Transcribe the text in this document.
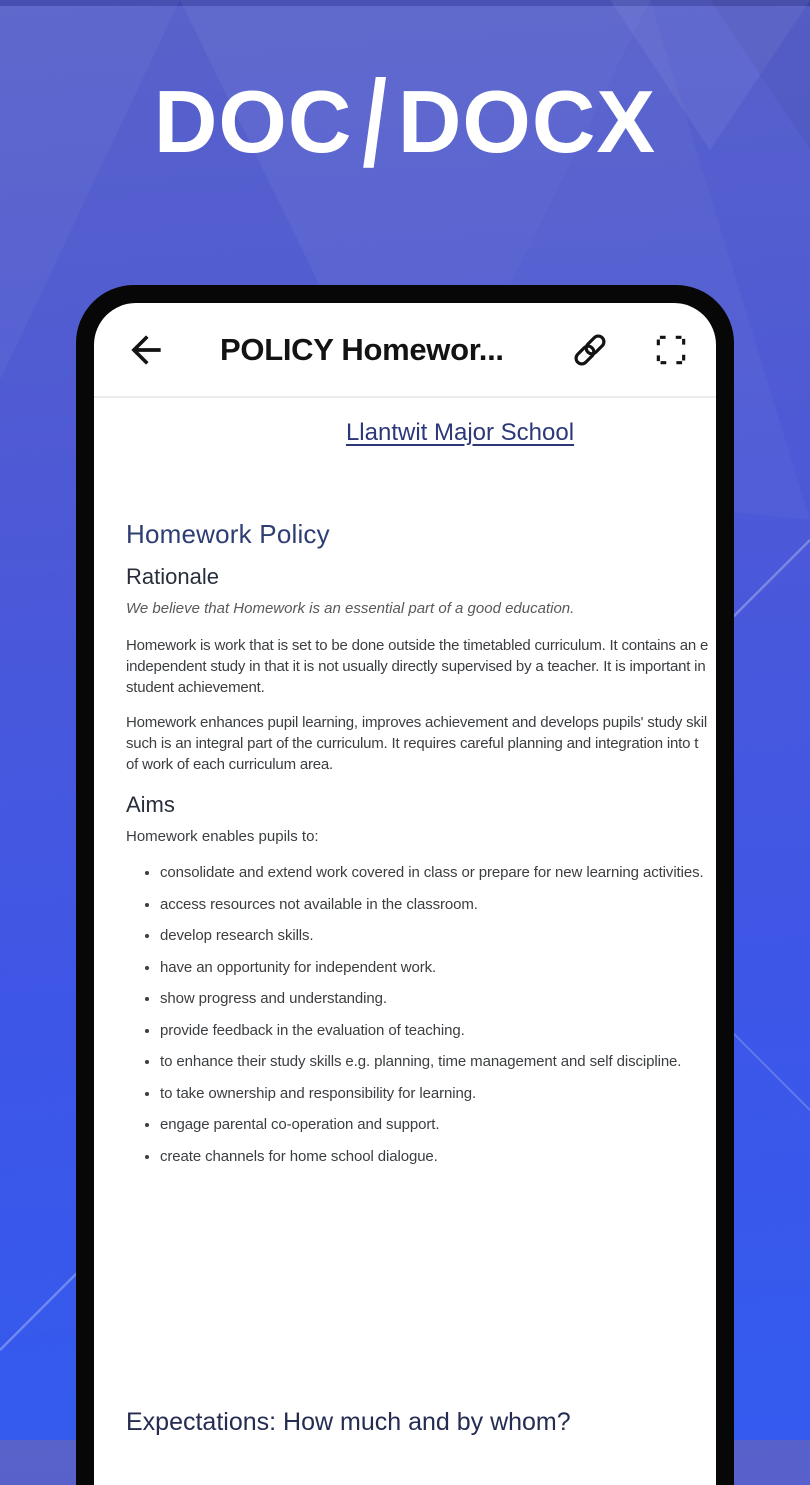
DOC / DOCX
POLICY Homewor...
Llantwit Major School
Homework Policy
Rationale

We believe that Homework is an essential part of a good education.

Homework is work that is set to be done outside the timetabled curriculum. It contains an e
independent study in that it is not usually directly supervised by a teacher. It is important in
student achievement.
Homework enhances pupil learning, improves achievement and develops pupils' study skil
such is an integral part of the curriculum. It requires careful planning and integration into t
of work of each curriculum area.
Aims

Homework enables pupils to:

• consolidate and extend work covered in class or prepare for new learning activities.
• access resources not available in the classroom.
• develop research skills.
• have an opportunity for independent work.
• show progress and understanding.
• provide feedback in the evaluation of teaching.
• to enhance their study skills e.g. planning, time management and self discipline.
• to take ownership and responsibility for learning.
• engage parental co-operation and support.
• create channels for home school dialogue.
Expectations: How much and by whom?
